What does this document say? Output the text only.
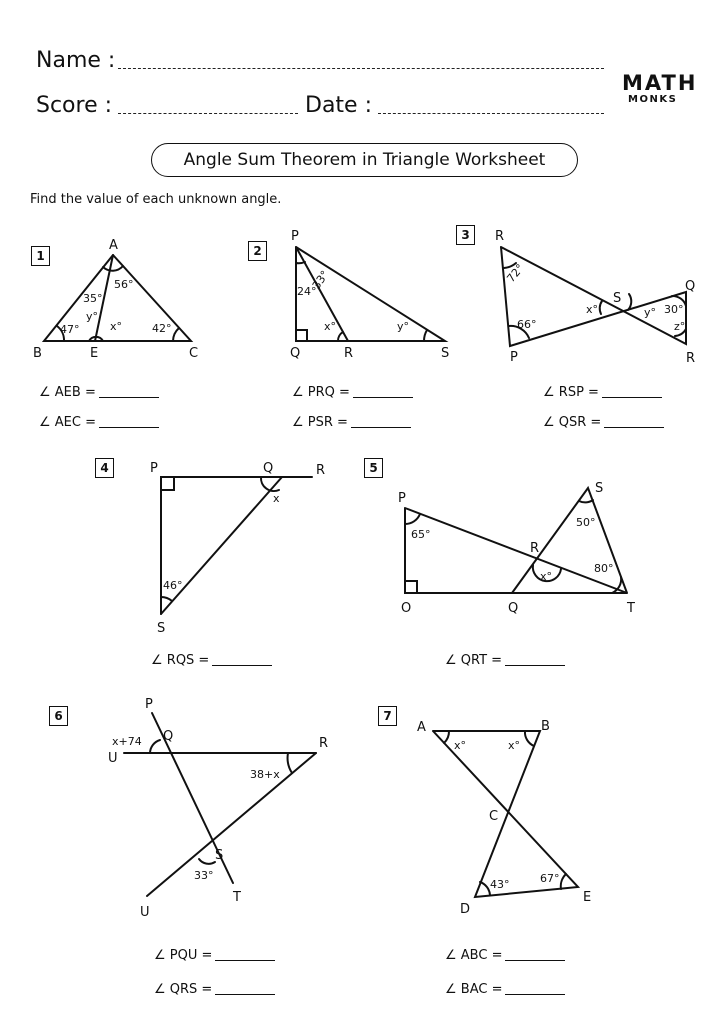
Name :
Score :	Date :
MATH
MONKS
Angle Sum Theorem in Triangle Worksheet
Find the value of each unknown angle.
A
B	E	C
56°
35°
y°
47°	x°	42°
P
Q	R	S
24°
33°
x°	y°
R
P
S
Q
R
72°
66°
x°	y° 30°
z°
P	Q	R
S
x
46°
P
O	Q
R
S
T
65°
50°
80°
x°
P
Q
U
R
S
U
T
x+74
38+x
33°
A	B
C
D
E
x°	x°
43°	67°
1	2
3
4	5
6	7
∠ AEB =
∠ AEC =
∠ PRQ =
∠ PSR =
∠ RSP =
∠ QSR =
∠ RQS =	∠ QRT =
∠ PQU =
∠ QRS =
∠ ABC =
∠ BAC =
